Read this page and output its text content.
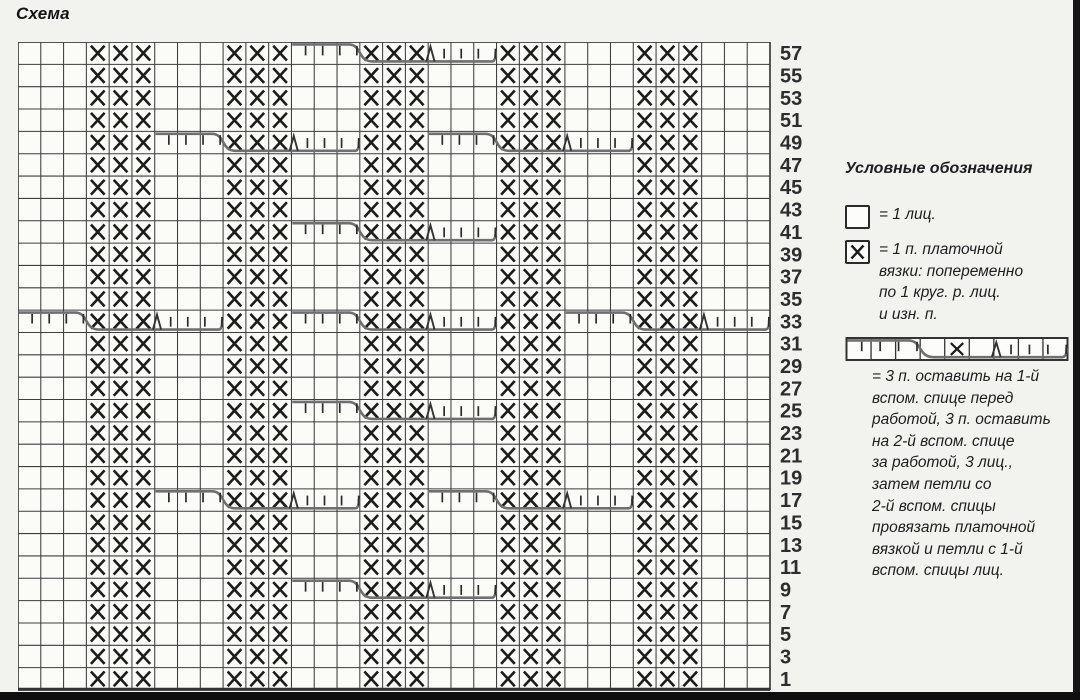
Схема
57
55
53
51
49
47
45
43
41
39
37
35
33
31
29
27
25
23
21
19
17
15
13
11
9
7
5
3
1
Условные обозначения
= 1 лиц.
= 1 п. платочной
вязки: попеременно
по 1 круг. р. лиц.
и изн. п.
= 3 п. оставить на 1-й
вспом. спице перед
работой, 3 п. оставить
на 2-й вспом. спице
за работой, 3 лиц.,
затем петли со
2-й вспом. спицы
провязать платочной
вязкой и петли с 1-й
вспом. спицы лиц.
